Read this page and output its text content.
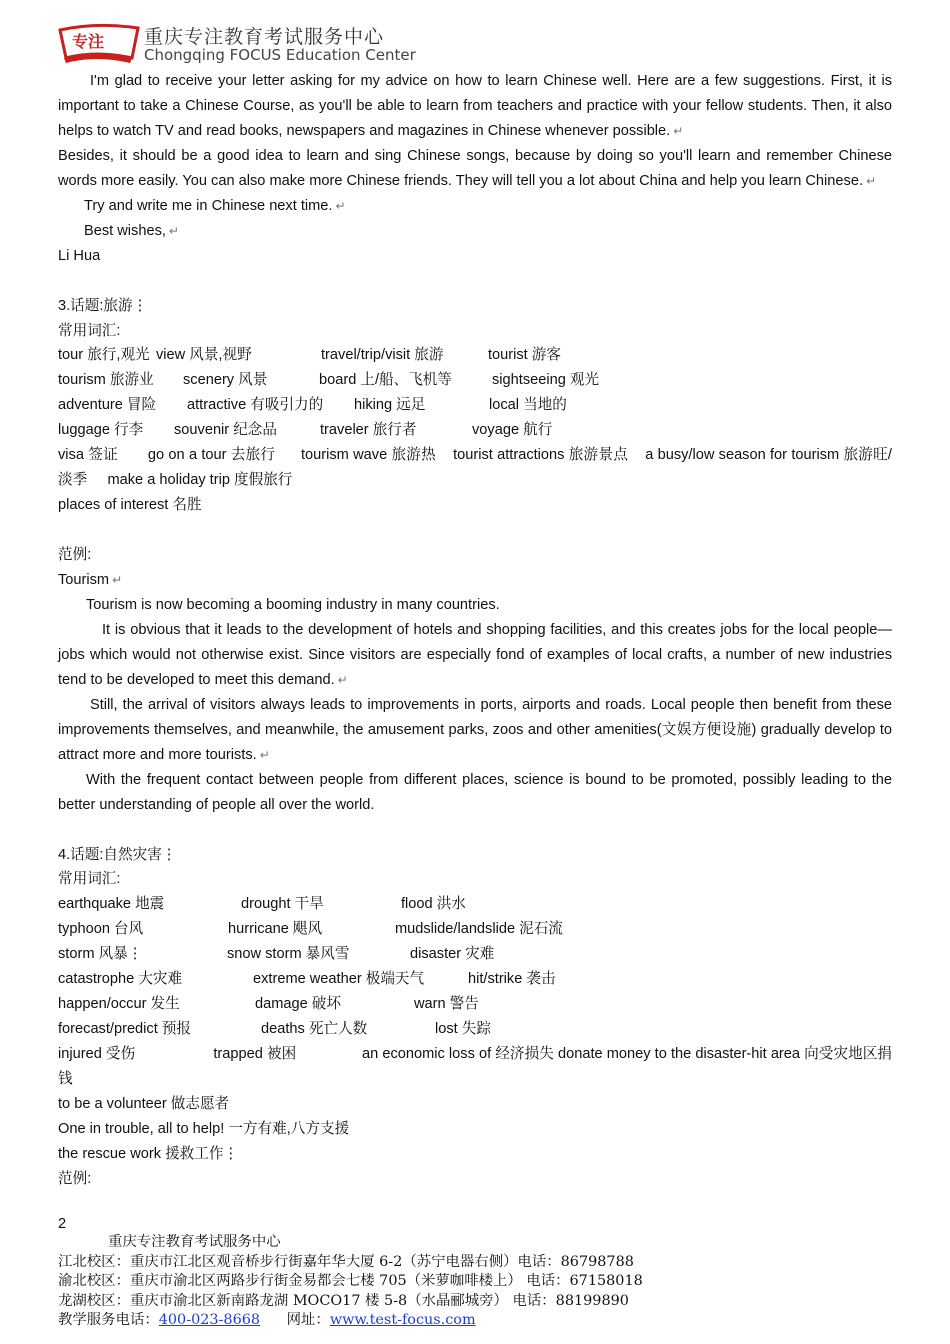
专注 重庆专注教育考试服务中心
Chongqing FOCUS Education Center

I'm glad to receive your letter asking for my advice on how to learn Chinese well. Here are a few suggestions. First, it is important to take a Chinese Course, as you'll be able to learn from teachers and practice with your fellow students. Then, it also helps to watch TV and read books, newspapers and magazines in Chinese whenever possible. ↵

Besides, it should be a good idea to learn and sing Chinese songs, because by doing so you'll learn and remember Chinese words more easily. You can also make more Chinese friends. They will tell you a lot about China and help you learn Chinese. ↵

Try and write me in Chinese next time. ↵

Best wishes, ↵

Li Hua

3.话题:旅游⋮

常用词汇:

tour 旅行,观光 view 风景,视野	travel/trip/visit 旅游	tourist 游客
tourism 旅游业	scenery 风景	board 上/船、飞机等	sightseeing 观光
adventure 冒险	attractive 有吸引力的	hiking 远足	local 当地的
luggage 行李	souvenir 纪念品	traveler 旅行者	voyage 航行

visa 签证       go on a tour 去旅行      tourism wave 旅游热    tourist attractions 旅游景点    a busy/low season for tourism 旅游旺/淡季     make a holiday trip 度假旅行

places of interest 名胜

范例:

Tourism ↵

Tourism is now becoming a booming industry in many countries.

It is obvious that it leads to the development of hotels and shopping facilities, and this creates jobs for the local people—jobs which would not otherwise exist. Since visitors are especially fond of examples of local crafts, a number of new industries tend to be developed to meet this demand. ↵

Still, the arrival of visitors always leads to improvements in ports, airports and roads. Local people then benefit from these improvements themselves, and meanwhile, the amusement parks, zoos and other amenities(文娱方便设施) gradually develop to attract more and more tourists. ↵

With the frequent contact between people from different places, science is bound to be promoted, possibly leading to the better understanding of people all over the world.

4.话题:自然灾害⋮

常用词汇:

earthquake 地震	drought 干旱	flood 洪水
typhoon 台风	hurricane 飓风	mudslide/landslide 泥石流
storm 风暴⋮	snow storm 暴风雪	disaster 灾难
catastrophe 大灾难	extreme weather 极端天气	hit/strike 袭击
happen/occur 发生	damage 破坏	warn 警告
forecast/predict 预报	deaths 死亡人数	lost 失踪

injured 受伤                   trapped 被困                an economic loss of 经济损失 donate money to the disaster-hit area 向受灾地区捐钱

to be a volunteer 做志愿者

One in trouble, all to help! 一方有难,八方支援

the rescue work 援救工作⋮

范例:

2
重庆专注教育考试服务中心
江北校区：重庆市江北区观音桥步行街嘉年华大厦 6-2（苏宁电器右侧）电话：86798788
渝北校区：重庆市渝北区两路步行街金易都会七楼 705（米萝咖啡楼上） 电话：67158018
龙湖校区：重庆市渝北区新南路龙湖 MOCO17 楼 5-8（水晶郦城旁） 电话：88199890
教学服务电话：400-023-8668 网址：www.test-focus.com
